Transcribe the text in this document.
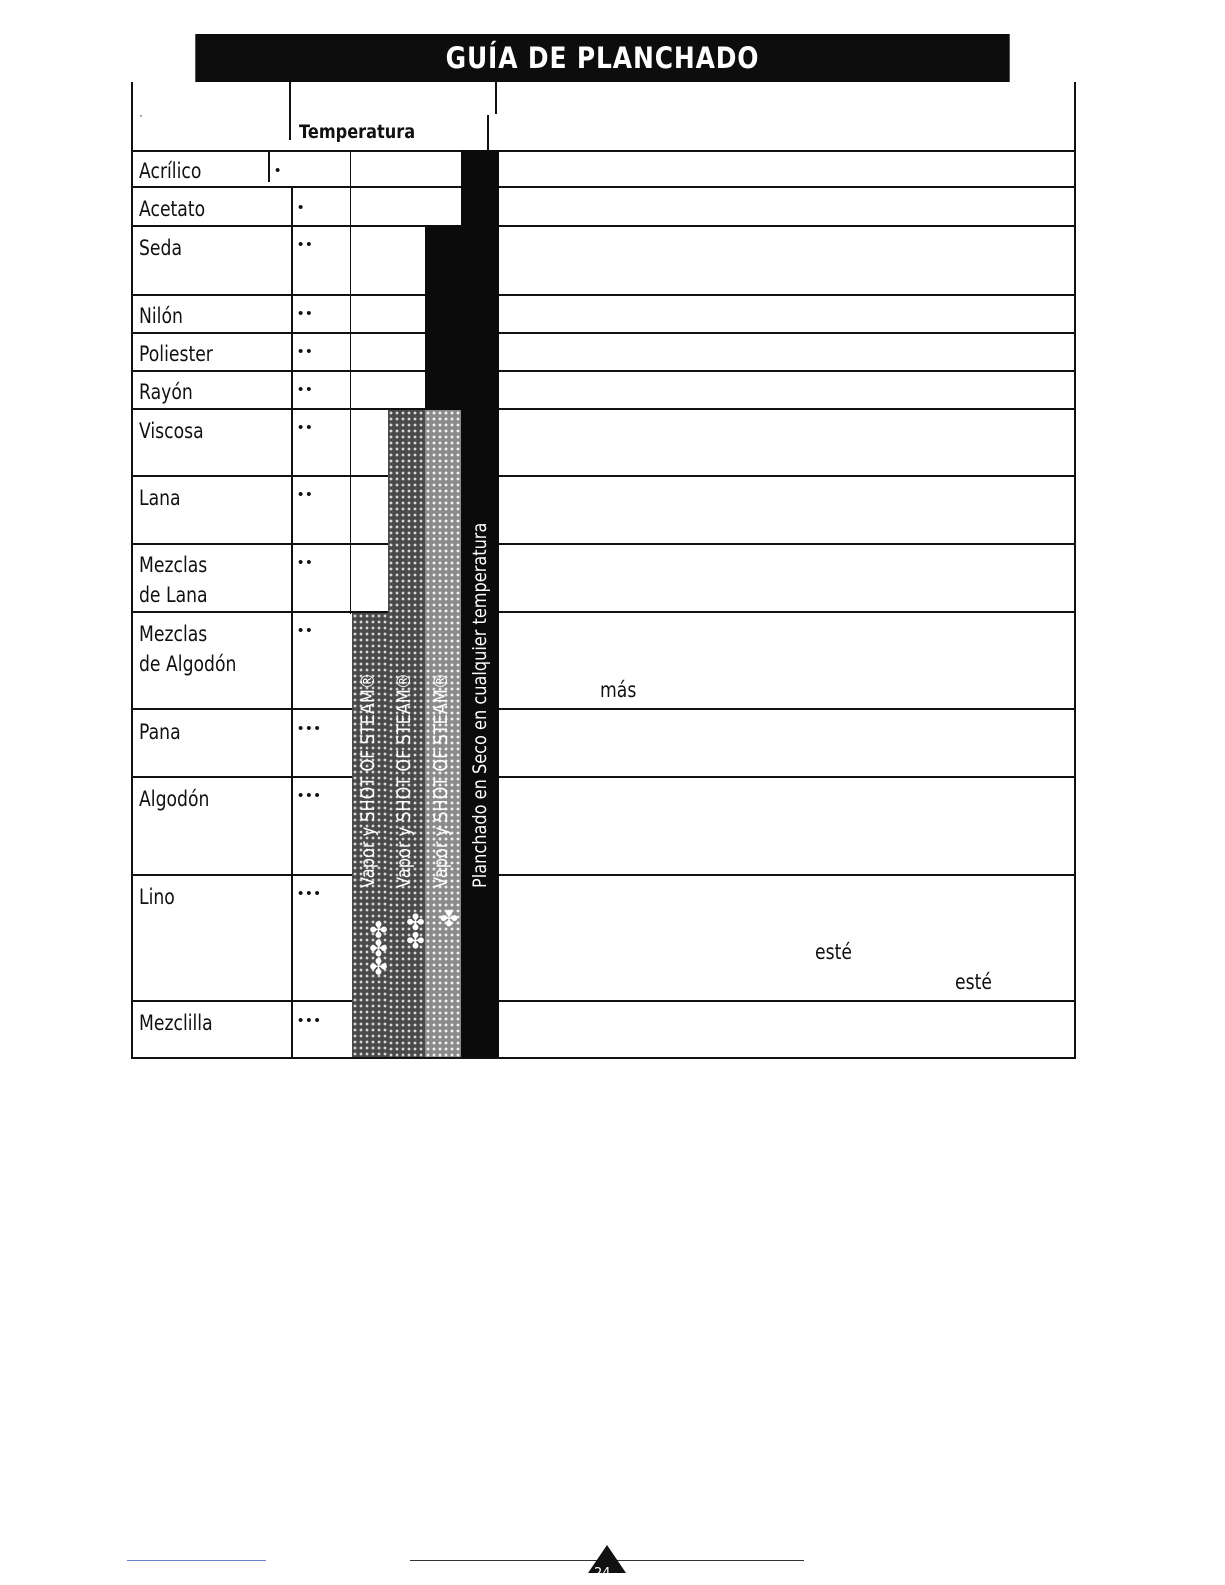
GUÍA DE PLANCHADO
·
Temperatura
Vapor y SHOT OF STEAM® Vapor y SHOT OF STEAM® Vapor y SHOT OF STEAM® Planchado en Seco en cualquier temperatura
✤✤✤ ✤✤ ✤
Acrílico
Acetato
Seda
Nilón
Poliester
Rayón
Viscosa
Lana
Mezclas
de Lana
Mezclas
de Algodón
Pana
Algodón
Lino
Mezclilla
•
•
••
••
••
••
••
••
••
••
•••
•••
•••
•••
más
esté
esté
24
